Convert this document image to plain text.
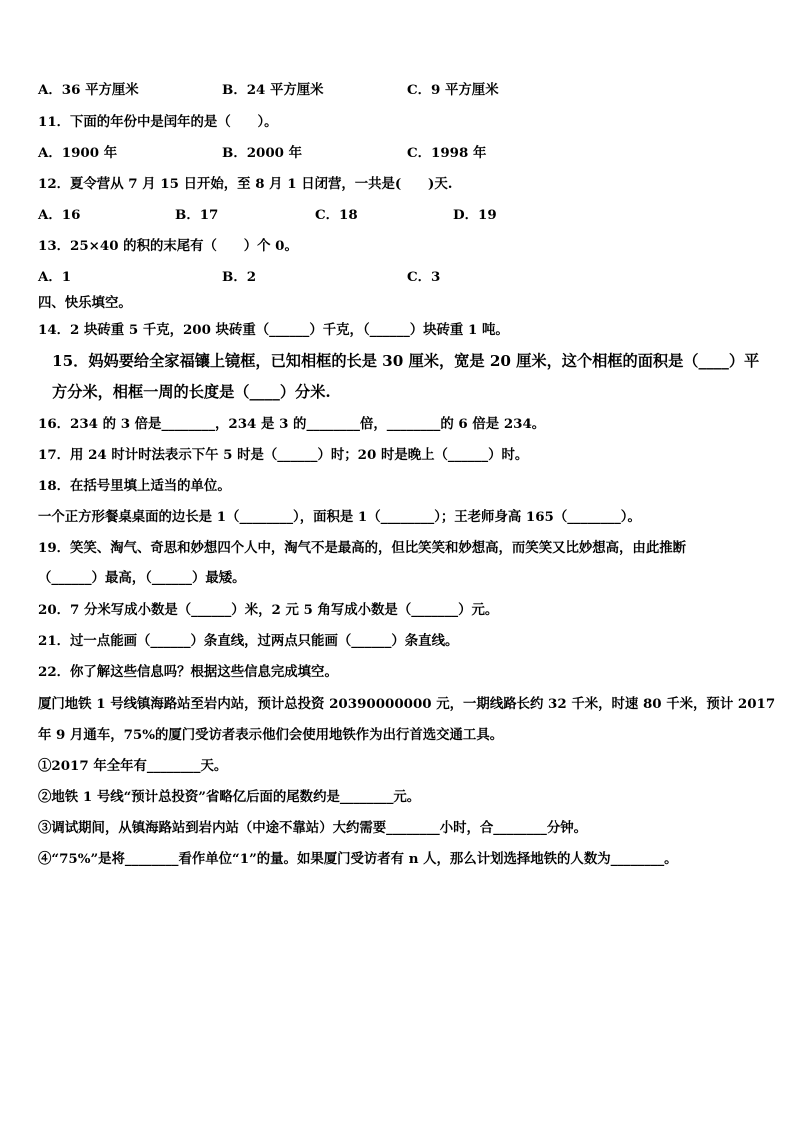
A．36 平方厘米	B．24 平方厘米	C．9 平方厘米
11．下面的年份中是闰年的是（　　）。
A．1900 年	B．2000 年	C．1998 年
12．夏令营从 7 月 15 日开始，至 8 月 1 日闭营，一共是(　　)天.
A．16	B．17	C．18	D．19
13．25×40 的积的末尾有（　　）个 0。
A．1	B．2	C．3
四、快乐填空。
14．2 块砖重 5 千克，200 块砖重（______）千克，（______）块砖重 1 吨。
15．妈妈要给全家福镶上镜框，已知相框的长是 30 厘米，宽是 20 厘米，这个相框的面积是（____）平
方分米，相框一周的长度是（____）分米.
16．234 的 3 倍是________，234 是 3 的________倍，________的 6 倍是 234。
17．用 24 时计时法表示下午 5 时是（______）时；20 时是晚上（______）时。
18．在括号里填上适当的单位。
一个正方形餐桌桌面的边长是 1（________），面积是 1（________）；王老师身高 165（________）。
19．笑笑、淘气、奇思和妙想四个人中，淘气不是最高的，但比笑笑和妙想高，而笑笑又比妙想高，由此推断
（______）最高，（______）最矮。
20．7 分米写成小数是（______）米，2 元 5 角写成小数是（_______）元。
21．过一点能画（______）条直线，过两点只能画（______）条直线。
22．你了解这些信息吗？根据这些信息完成填空。
厦门地铁 1 号线镇海路站至岩内站，预计总投资 20390000000 元，一期线路长约 32 千米，时速 80 千米，预计 2017
年 9 月通车，75%的厦门受访者表示他们会使用地铁作为出行首选交通工具。
①2017 年全年有________天。
②地铁 1 号线“预计总投资”省略亿后面的尾数约是________元。
③调试期间，从镇海路站到岩内站（中途不靠站）大约需要________小时，合________分钟。
④“75%”是将________看作单位“1”的量。如果厦门受访者有 n 人，那么计划选择地铁的人数为________。
